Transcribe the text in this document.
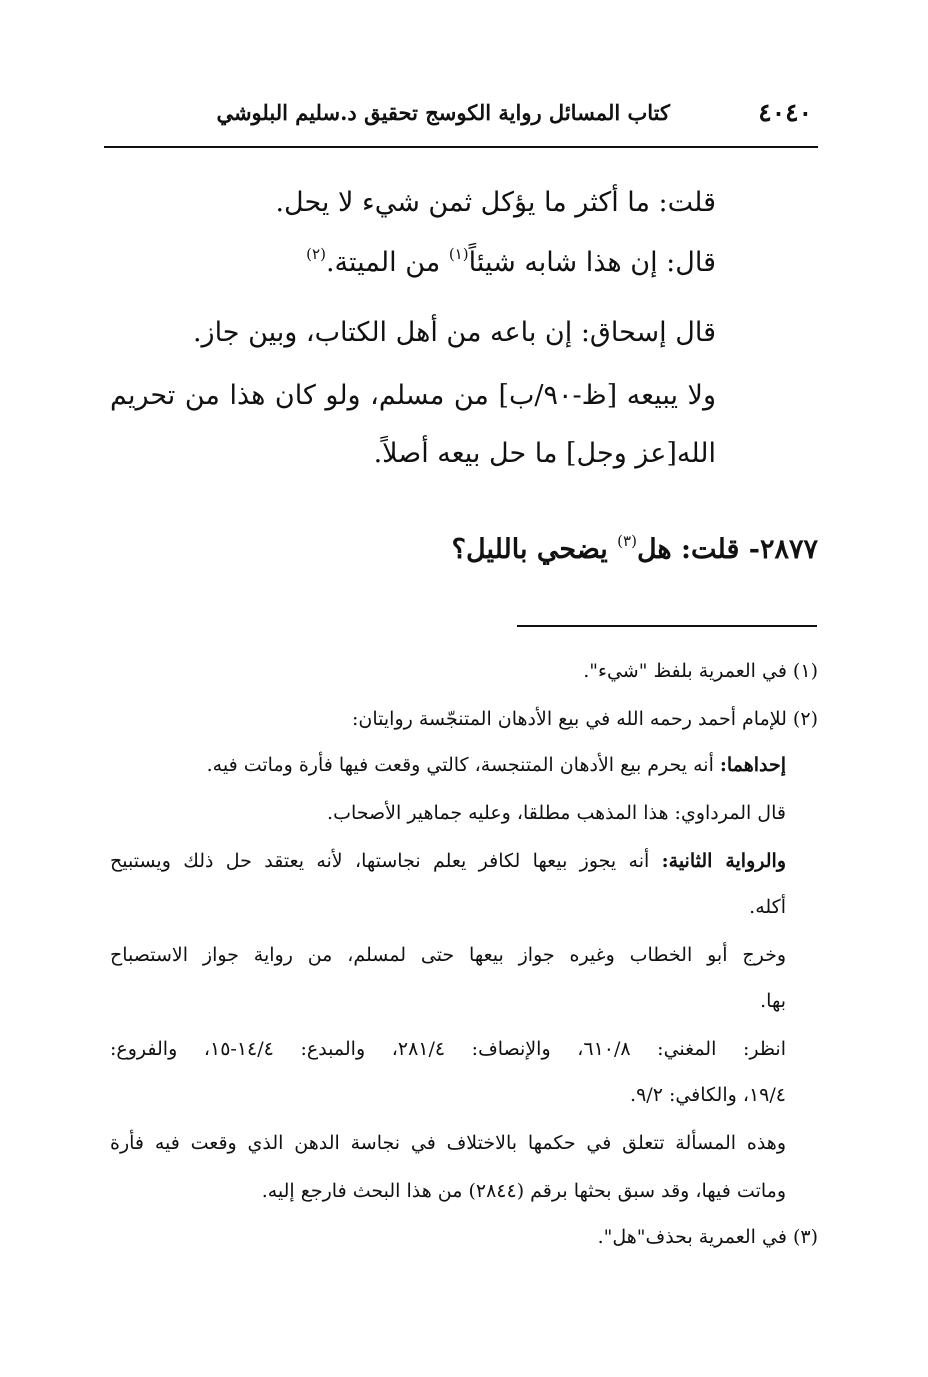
٤٠٤٠
كتاب المسائل رواية الكوسج تحقيق د.سليم البلوشي
قلت: ما أكثر ما يؤكل ثمن شيء لا يحل.
قال: إن هذا شابه شيئاً$^{(١)}$ من الميتة.$^{(٢)}$
قال إسحاق: إن باعه من أهل الكتاب، وبين جاز.
ولا يبيعه [ظ-٩٠/ب] من مسلم، ولو كان هذا من تحريم
الله[عز وجل] ما حل بيعه أصلاً.
٢٨٧٧- قلت: هل$^{(٣)}$ يضحي بالليل؟
(١) في العمرية بلفظ "شيء".
(٢) للإمام أحمد رحمه الله في بيع الأدهان المتنجّسة روايتان:
إحداهما: أنه يحرم بيع الأدهان المتنجسة، كالتي وقعت فيها فأرة وماتت فيه.
قال المرداوي: هذا المذهب مطلقا، وعليه جماهير الأصحاب.
والرواية الثانية: أنه يجوز بيعها لكافر يعلم نجاستها، لأنه يعتقد حل ذلك ويستبيح
أكله.
وخرج أبو الخطاب وغيره جواز بيعها حتى لمسلم، من رواية جواز الاستصباح
بها.
انظر: المغني: ٦١٠/٨، والإنصاف: ٢٨١/٤، والمبدع: ١٤/٤-١٥، والفروع:
١٩/٤، والكافي: ٩/٢.
وهذه المسألة تتعلق في حكمها بالاختلاف في نجاسة الدهن الذي وقعت فيه فأرة
وماتت فيها، وقد سبق بحثها برقم (٢٨٤٤) من هذا البحث فارجع إليه.
(٣) في العمرية بحذف"هل".
